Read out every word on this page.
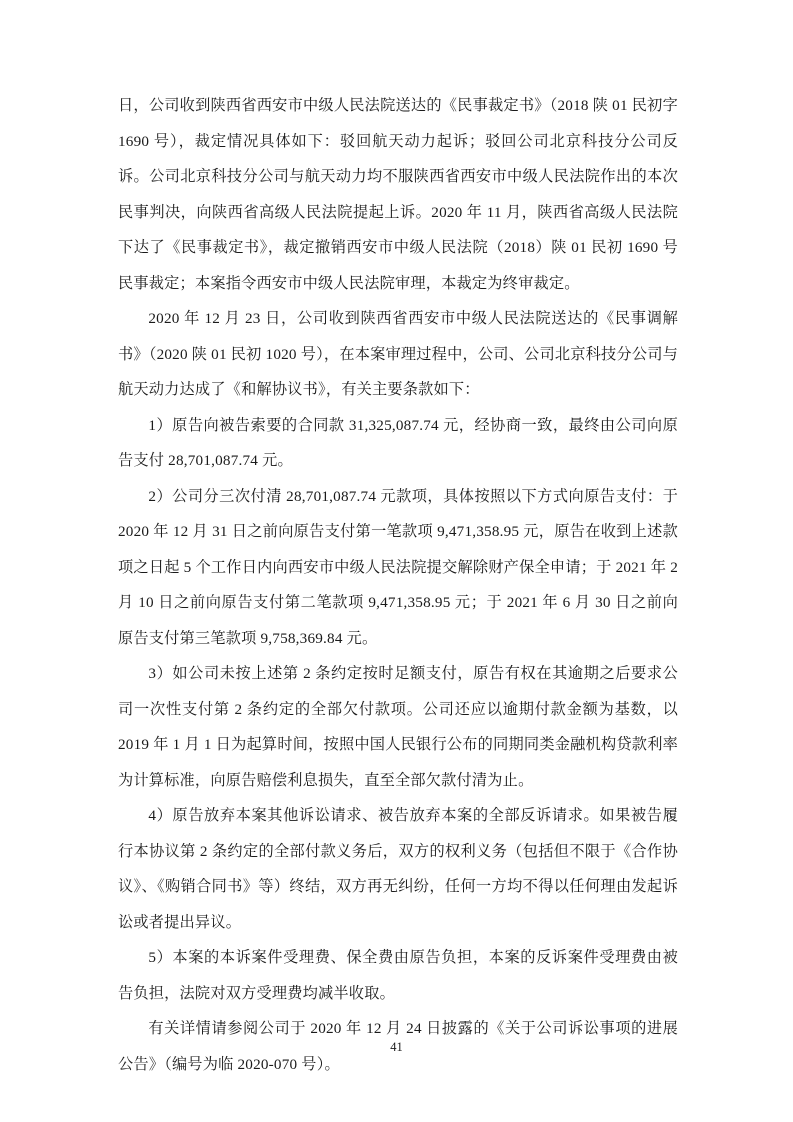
日，公司收到陕西省西安市中级人民法院送达的《民事裁定书》（2018 陕 01 民初字 1690 号），裁定情况具体如下：驳回航天动力起诉；驳回公司北京科技分公司反诉。公司北京科技分公司与航天动力均不服陕西省西安市中级人民法院作出的本次民事判决，向陕西省高级人民法院提起上诉。2020 年 11 月，陕西省高级人民法院下达了《民事裁定书》，裁定撤销西安市中级人民法院（2018）陕 01 民初 1690 号民事裁定；本案指令西安市中级人民法院审理，本裁定为终审裁定。

2020 年 12 月 23 日，公司收到陕西省西安市中级人民法院送达的《民事调解书》（2020 陕 01 民初 1020 号），在本案审理过程中，公司、公司北京科技分公司与航天动力达成了《和解协议书》，有关主要条款如下：

1）原告向被告索要的合同款 31,325,087.74 元，经协商一致，最终由公司向原告支付 28,701,087.74 元。

2）公司分三次付清 28,701,087.74 元款项，具体按照以下方式向原告支付：于 2020 年 12 月 31 日之前向原告支付第一笔款项 9,471,358.95 元，原告在收到上述款项之日起 5 个工作日内向西安市中级人民法院提交解除财产保全申请；于 2021 年 2 月 10 日之前向原告支付第二笔款项 9,471,358.95 元；于 2021 年 6 月 30 日之前向原告支付第三笔款项 9,758,369.84 元。

3）如公司未按上述第 2 条约定按时足额支付，原告有权在其逾期之后要求公司一次性支付第 2 条约定的全部欠付款项。公司还应以逾期付款金额为基数，以 2019 年 1 月 1 日为起算时间，按照中国人民银行公布的同期同类金融机构贷款利率为计算标准，向原告赔偿利息损失，直至全部欠款付清为止。

4）原告放弃本案其他诉讼请求、被告放弃本案的全部反诉请求。如果被告履行本协议第 2 条约定的全部付款义务后，双方的权利义务（包括但不限于《合作协议》、《购销合同书》等）终结，双方再无纠纷，任何一方均不得以任何理由发起诉讼或者提出异议。

5）本案的本诉案件受理费、保全费由原告负担，本案的反诉案件受理费由被告负担，法院对双方受理费均减半收取。

有关详情请参阅公司于 2020 年 12 月 24 日披露的《关于公司诉讼事项的进展公告》（编号为临 2020-070 号）。

41
